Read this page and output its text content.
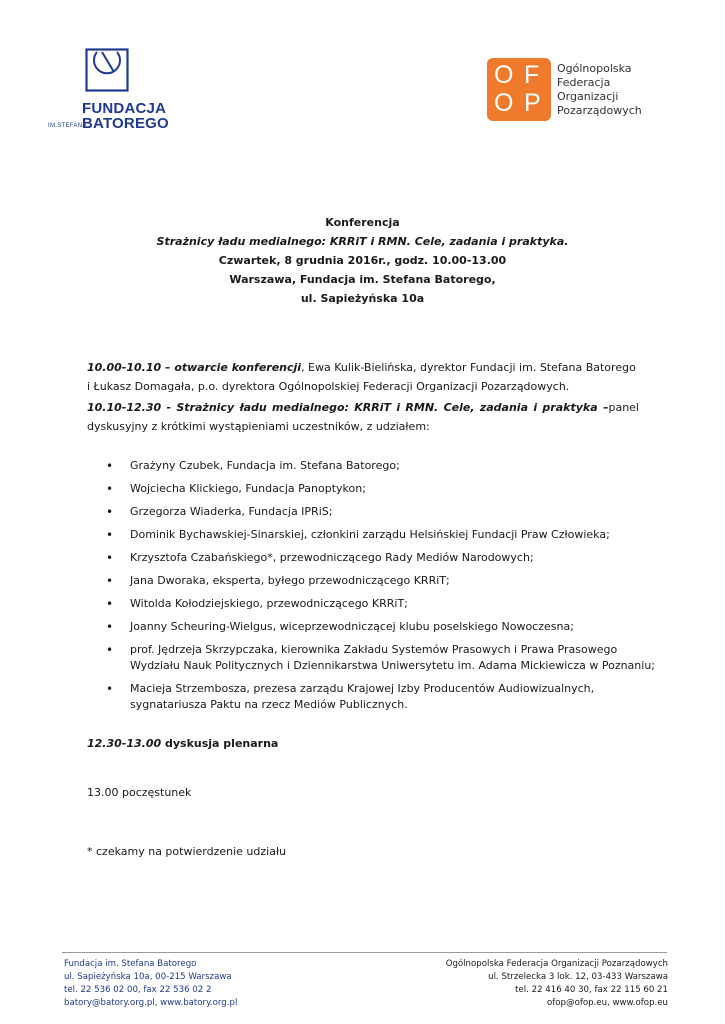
FUNDACJA
IM.STEFANA
BATOREGO
O F
O P
Ogólnopolska
Federacja
Organizacji
Pozarządowych
Konferencja
Strażnicy ładu medialnego: KRRiT i RMN. Cele, zadania i praktyka.
Czwartek, 8 grudnia 2016r., godz. 10.00-13.00
Warszawa, Fundacja im. Stefana Batorego,
ul. Sapieżyńska 10a
10.00-10.10 – otwarcie konferencji, Ewa Kulik-Bielińska, dyrektor Fundacji im. Stefana Batorego i Łukasz Domagała, p.o. dyrektora Ogólnopolskiej Federacji Organizacji Pozarządowych.
10.10-12.30 - Strażnicy ładu medialnego: KRRiT i RMN. Cele, zadania i praktyka –panel dyskusyjny z krótkimi wystąpieniami uczestników, z udziałem:
• Grażyny Czubek, Fundacja im. Stefana Batorego;
• Wojciecha Klickiego, Fundacja Panoptykon;
• Grzegorza Wiaderka, Fundacja IPRiS;
• Dominik Bychawskiej-Sinarskiej, członkini zarządu Helsińskiej Fundacji Praw Człowieka;
• Krzysztofa Czabańskiego*, przewodniczącego Rady Mediów Narodowych;
• Jana Dworaka, eksperta, byłego przewodniczącego KRRiT;
• Witolda Kołodziejskiego, przewodniczącego KRRiT;
• Joanny Scheuring-Wielgus, wiceprzewodniczącej klubu poselskiego Nowoczesna;
• prof. Jędrzeja Skrzypczaka, kierownika Zakładu Systemów Prasowych i Prawa Prasowego Wydziału Nauk Politycznych i Dziennikarstwa Uniwersytetu im. Adama Mickiewicza w Poznaniu;
• Macieja Strzembosza, prezesa zarządu Krajowej Izby Producentów Audiowizualnych, sygnatariusza Paktu na rzecz Mediów Publicznych.
12.30-13.00 dyskusja plenarna
13.00 poczęstunek
* czekamy na potwierdzenie udziału
Fundacja im. Stefana Batorego
ul. Sapieżyńska 10a, 00-215 Warszawa
tel. 22 536 02 00, fax 22 536 02 2
batory@batory.org.pl, www.batory.org.pl
Ogólnopolska Federacja Organizacji Pozarządowych
ul. Strzelecka 3 lok. 12, 03-433 Warszawa
tel. 22 416 40 30, fax 22 115 60 21
ofop@ofop.eu, www.ofop.eu
